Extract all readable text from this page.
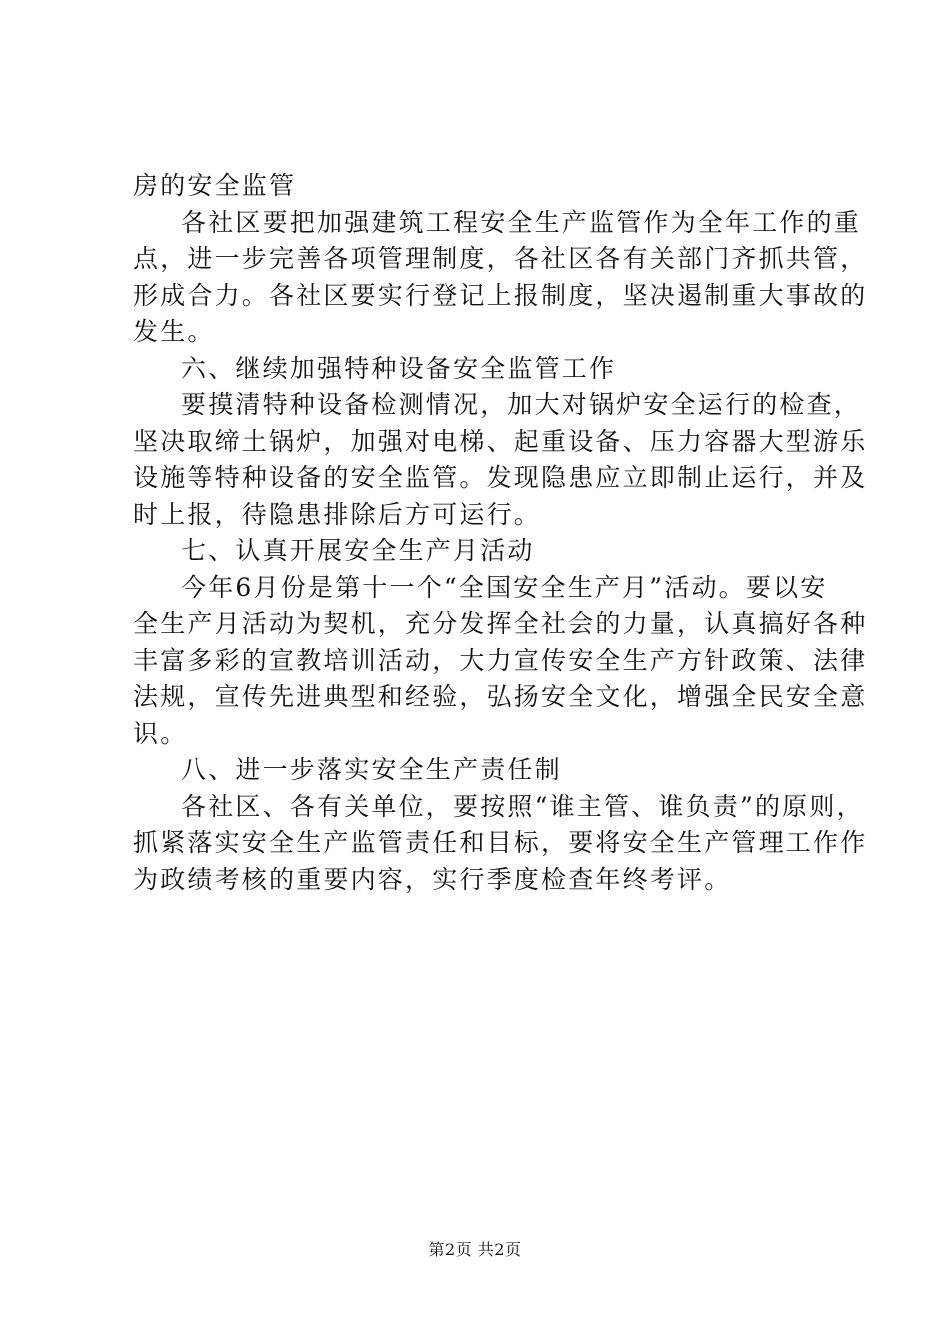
房的安全监管
各社区要把加强建筑工程安全生产监管作为全年工作的重
点，进一步完善各项管理制度，各社区各有关部门齐抓共管，
形成合力。各社区要实行登记上报制度，坚决遏制重大事故的
发生。
六、继续加强特种设备安全监管工作
要摸清特种设备检测情况，加大对锅炉安全运行的检查，
坚决取缔土锅炉，加强对电梯、起重设备、压力容器大型游乐
设施等特种设备的安全监管。发现隐患应立即制止运行，并及
时上报，待隐患排除后方可运行。
七、认真开展安全生产月活动
今年6月份是第十一个“全国安全生产月”活动。要以安
全生产月活动为契机，充分发挥全社会的力量，认真搞好各种
丰富多彩的宣教培训活动，大力宣传安全生产方针政策、法律
法规，宣传先进典型和经验，弘扬安全文化，增强全民安全意
识。
八、进一步落实安全生产责任制
各社区、各有关单位，要按照“谁主管、谁负责”的原则，
抓紧落实安全生产监管责任和目标，要将安全生产管理工作作
为政绩考核的重要内容，实行季度检查年终考评。
第2页 共2页
